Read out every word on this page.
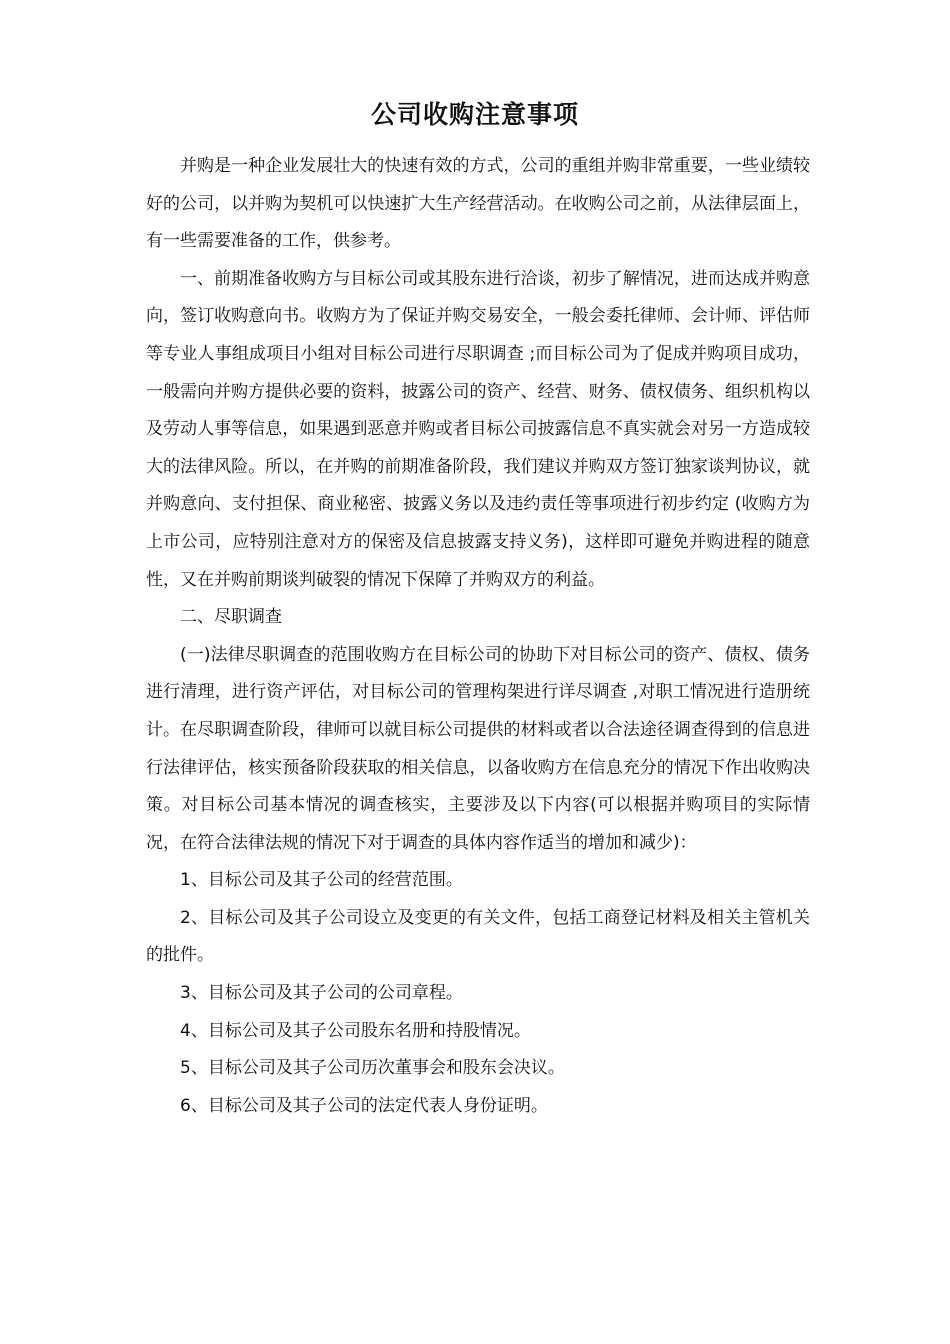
公司收购注意事项

并购是一种企业发展壮大的快速有效的方式，公司的重组并购非常重要，一些业绩较好的公司，以并购为契机可以快速扩大生产经营活动。在收购公司之前，从法律层面上，有一些需要准备的工作，供参考。

一、前期准备收购方与目标公司或其股东进行洽谈，初步了解情况，进而达成并购意向，签订收购意向书。收购方为了保证并购交易安全，一般会委托律师、会计师、评估师等专业人事组成项目小组对目标公司进行尽职调查 ;而目标公司为了促成并购项目成功，一般需向并购方提供必要的资料，披露公司的资产、经营、财务、债权债务、组织机构以及劳动人事等信息，如果遇到恶意并购或者目标公司披露信息不真实就会对另一方造成较大的法律风险。所以，在并购的前期准备阶段，我们建议并购双方签订独家谈判协议，就并购意向、支付担保、商业秘密、披露义务以及违约责任等事项进行初步约定 (收购方为上市公司，应特别注意对方的保密及信息披露支持义务)，这样即可避免并购进程的随意性，又在并购前期谈判破裂的情况下保障了并购双方的利益。

二、尽职调查

(一)法律尽职调查的范围收购方在目标公司的协助下对目标公司的资产、债权、债务进行清理，进行资产评估，对目标公司的管理构架进行详尽调查 ,对职工情况进行造册统计。在尽职调查阶段，律师可以就目标公司提供的材料或者以合法途径调查得到的信息进行法律评估，核实预备阶段获取的相关信息，以备收购方在信息充分的情况下作出收购决策。对目标公司基本情况的调查核实，主要涉及以下内容(可以根据并购项目的实际情况，在符合法律法规的情况下对于调查的具体内容作适当的增加和减少)：

1、目标公司及其子公司的经营范围。

2、目标公司及其子公司设立及变更的有关文件，包括工商登记材料及相关主管机关的批件。

3、目标公司及其子公司的公司章程。

4、目标公司及其子公司股东名册和持股情况。

5、目标公司及其子公司历次董事会和股东会决议。

6、目标公司及其子公司的法定代表人身份证明。
